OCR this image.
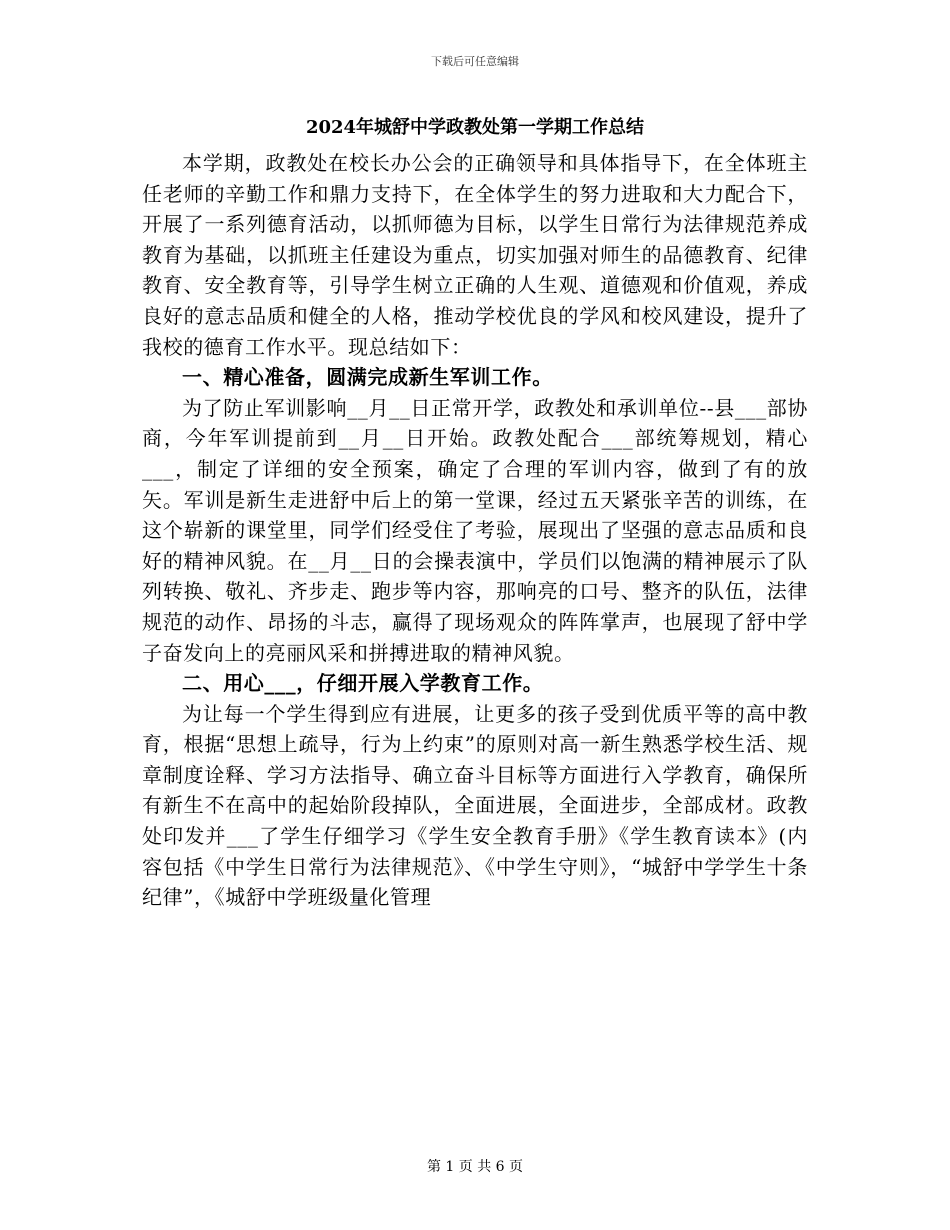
下载后可任意编辑
2024年城舒中学政教处第一学期工作总结

本学期，政教处在校长办公会的正确领导和具体指导下，在全体班主任老师的辛勤工作和鼎力支持下，在全体学生的努力进取和大力配合下，开展了一系列德育活动，以抓师德为目标，以学生日常行为法律规范养成教育为基础，以抓班主任建设为重点，切实加强对师生的品德教育、纪律教育、安全教育等，引导学生树立正确的人生观、道德观和价值观，养成良好的意志品质和健全的人格，推动学校优良的学风和校风建设，提升了我校的德育工作水平。现总结如下：

一、精心准备，圆满完成新生军训工作。

为了防止军训影响__月__日正常开学，政教处和承训单位--县___部协商，今年军训提前到__月__日开始。政教处配合___部统筹规划，精心___，制定了详细的安全预案，确定了合理的军训内容，做到了有的放矢。军训是新生走进舒中后上的第一堂课，经过五天紧张辛苦的训练，在这个崭新的课堂里，同学们经受住了考验，展现出了坚强的意志品质和良好的精神风貌。在__月__日的会操表演中，学员们以饱满的精神展示了队列转换、敬礼、齐步走、跑步等内容，那响亮的口号、整齐的队伍，法律规范的动作、昂扬的斗志，赢得了现场观众的阵阵掌声，也展现了舒中学子奋发向上的亮丽风采和拼搏进取的精神风貌。

二、用心___，仔细开展入学教育工作。

为让每一个学生得到应有进展，让更多的孩子受到优质平等的高中教育，根据“思想上疏导，行为上约束”的原则对高一新生熟悉学校生活、规章制度诠释、学习方法指导、确立奋斗目标等方面进行入学教育，确保所有新生不在高中的起始阶段掉队，全面进展，全面进步，全部成材。政教处印发并___了学生仔细学习《学生安全教育手册》《学生教育读本》(内容包括《中学生日常行为法律规范》、《中学生守则》，“城舒中学学生十条纪律”，《城舒中学班级量化管理

第 1 页 共 6 页
